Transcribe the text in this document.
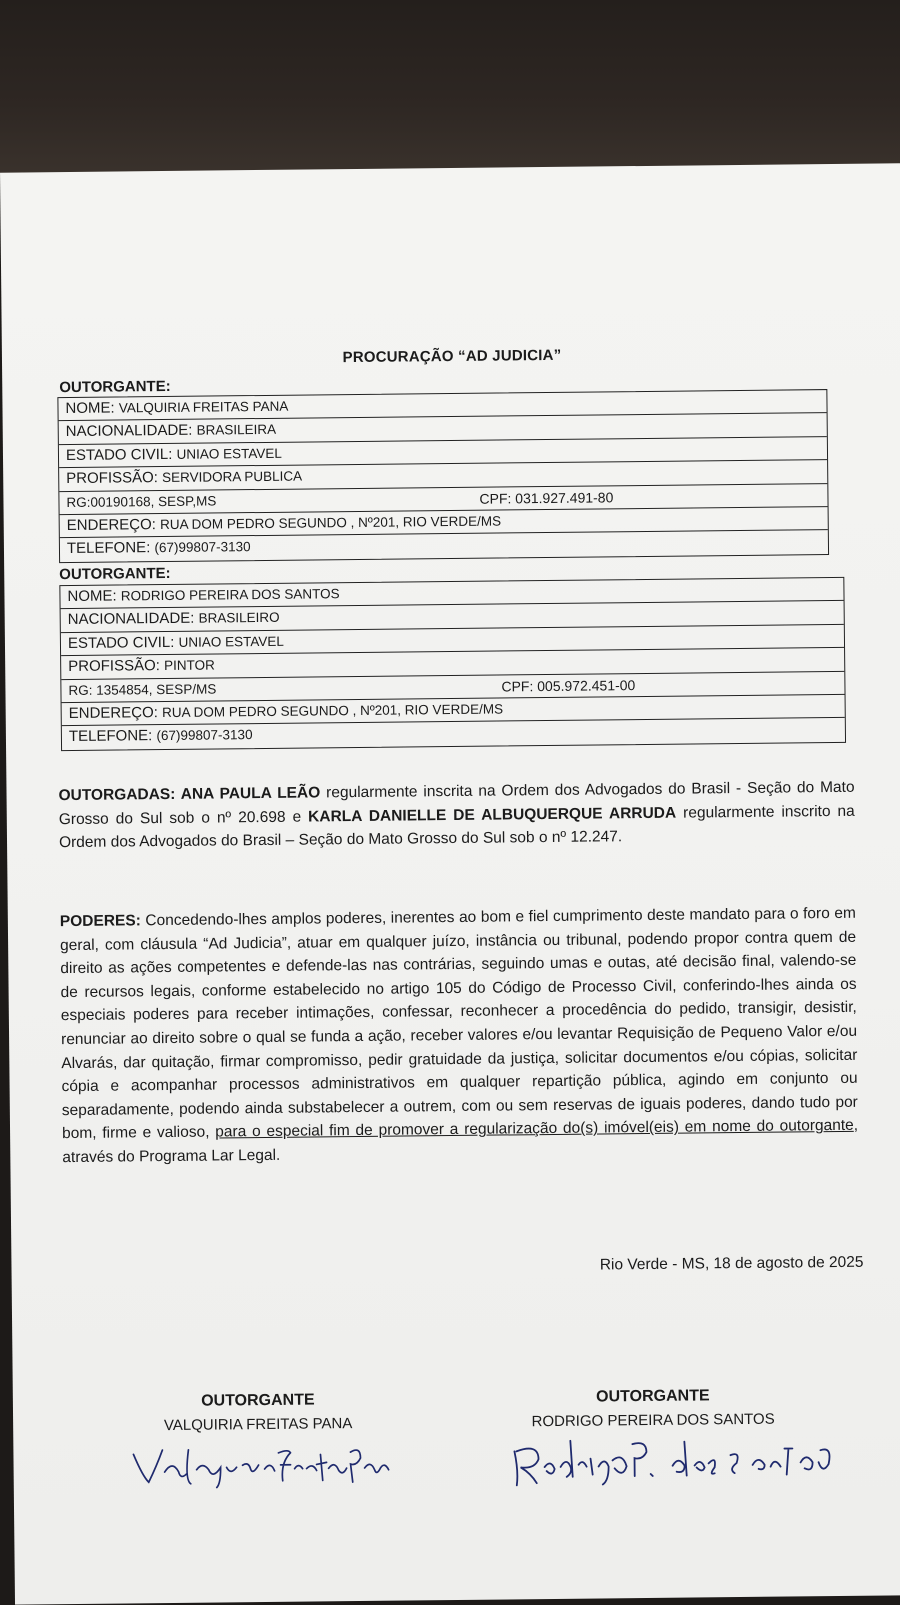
PROCURAÇÃO “AD JUDICIA”
OUTORGANTE:
NOME: VALQUIRIA FREITAS PANA
NACIONALIDADE: BRASILEIRA
ESTADO CIVIL: UNIAO ESTAVEL
PROFISSÃO: SERVIDORA PUBLICA
RG:00190168, SESP,MS	CPF: 031.927.491-80
ENDEREÇO: RUA DOM PEDRO SEGUNDO , Nº201, RIO VERDE/MS
TELEFONE: (67)99807-3130
OUTORGANTE:
NOME: RODRIGO PEREIRA DOS SANTOS
NACIONALIDADE: BRASILEIRO
ESTADO CIVIL: UNIAO ESTAVEL
PROFISSÃO: PINTOR
RG: 1354854, SESP/MS	CPF: 005.972.451-00
ENDEREÇO: RUA DOM PEDRO SEGUNDO , Nº201, RIO VERDE/MS
TELEFONE: (67)99807-3130
OUTORGADAS: ANA PAULA LEÃO regularmente inscrita na Ordem dos Advogados do Brasil - Seção do Mato Grosso do Sul sob o nº 20.698 e KARLA DANIELLE DE ALBUQUERQUE ARRUDA regularmente inscrito na Ordem dos Advogados do Brasil – Seção do Mato Grosso do Sul sob o nº 12.247.
PODERES: Concedendo-lhes amplos poderes, inerentes ao bom e fiel cumprimento deste mandato para o foro em geral, com cláusula “Ad Judicia”, atuar em qualquer juízo, instância ou tribunal, podendo propor contra quem de direito as ações competentes e defende-las nas contrárias, seguindo umas e outas, até decisão final, valendo-se de recursos legais, conforme estabelecido no artigo 105 do Código de Processo Civil, conferindo-lhes ainda os especiais poderes para receber intimações, confessar, reconhecer a procedência do pedido, transigir, desistir, renunciar ao direito sobre o qual se funda a ação, receber valores e/ou levantar Requisição de Pequeno Valor e/ou Alvarás, dar quitação, firmar compromisso, pedir gratuidade da justiça, solicitar documentos e/ou cópias, solicitar cópia e acompanhar processos administrativos em qualquer repartição pública, agindo em conjunto ou separadamente, podendo ainda substabelecer a outrem, com ou sem reservas de iguais poderes, dando tudo por bom, firme e valioso, para o especial fim de promover a regularização do(s) imóvel(eis) em nome do outorgante, através do Programa Lar Legal.
Rio Verde - MS, 18 de agosto de 2025
OUTORGANTE
VALQUIRIA FREITAS PANA
OUTORGANTE
RODRIGO PEREIRA DOS SANTOS
